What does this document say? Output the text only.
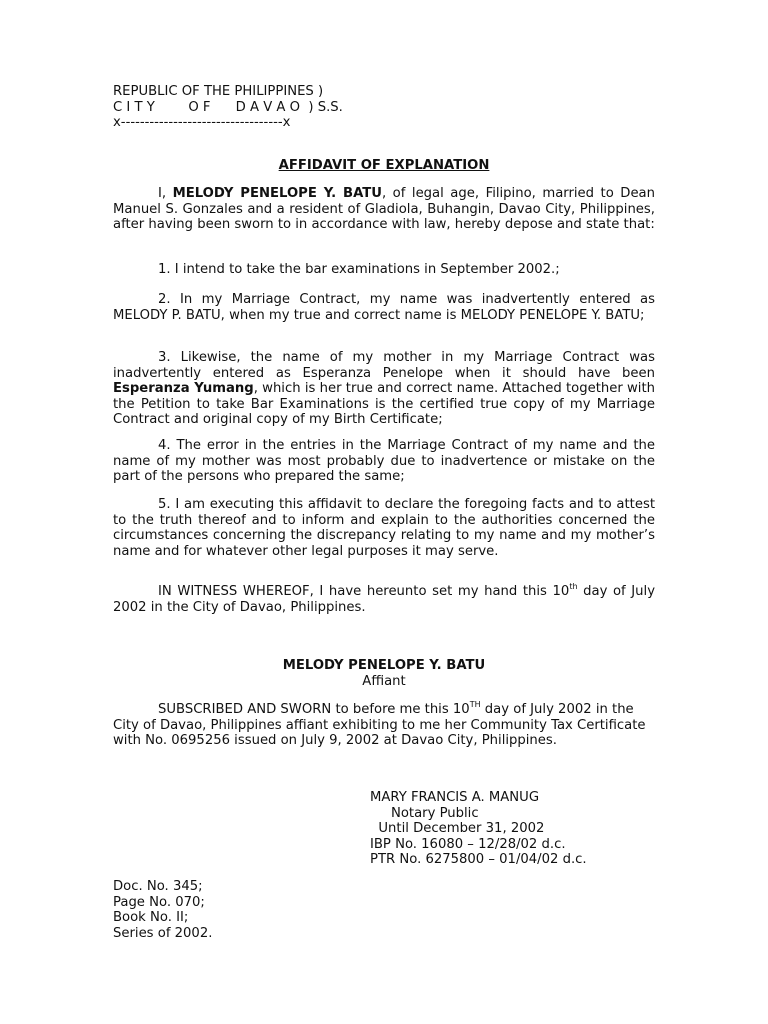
REPUBLIC OF THE PHILIPPINES )
C I T Y        O F      D A V A O  ) S.S.
x----------------------------------x
AFFIDAVIT OF EXPLANATION

I, MELODY PENELOPE Y. BATU, of legal age, Filipino, married to Dean Manuel S. Gonzales and a resident of Gladiola, Buhangin, Davao City, Philippines, after having been sworn to in accordance with law, hereby depose and state that:

1. I intend to take the bar examinations in September 2002.;

2. In my Marriage Contract, my name was inadvertently entered as MELODY P. BATU, when my true and correct name is MELODY PENELOPE Y. BATU;

3. Likewise, the name of my mother in my Marriage Contract was inadvertently entered as Esperanza Penelope when it should have been Esperanza Yumang, which is her true and correct name. Attached together with the Petition to take Bar Examinations is the certified true copy of my Marriage Contract and original copy of my Birth Certificate;

4. The error in the entries in the Marriage Contract of my name and the name of my mother was most probably due to inadvertence or mistake on the part of the persons who prepared the same;

5. I am executing this affidavit to declare the foregoing facts and to attest to the truth thereof and to inform and explain to the authorities concerned the circumstances concerning the discrepancy relating to my name and my mother’s name and for whatever other legal purposes it may serve.

IN WITNESS WHEREOF, I have hereunto set my hand this 10th day of July 2002 in the City of Davao, Philippines.

MELODY PENELOPE Y. BATU
Affiant

SUBSCRIBED AND SWORN to before me this 10TH day of July 2002 in the City of Davao, Philippines affiant exhibiting to me her Community Tax Certificate with No. 0695256 issued on July 9, 2002 at Davao City, Philippines.

MARY FRANCIS A. MANUG
Notary Public
Until December 31, 2002
IBP No. 16080 – 12/28/02 d.c.
PTR No. 6275800 – 01/04/02 d.c.
Doc. No. 345;
Page No. 070;
Book No. II;
Series of 2002.
